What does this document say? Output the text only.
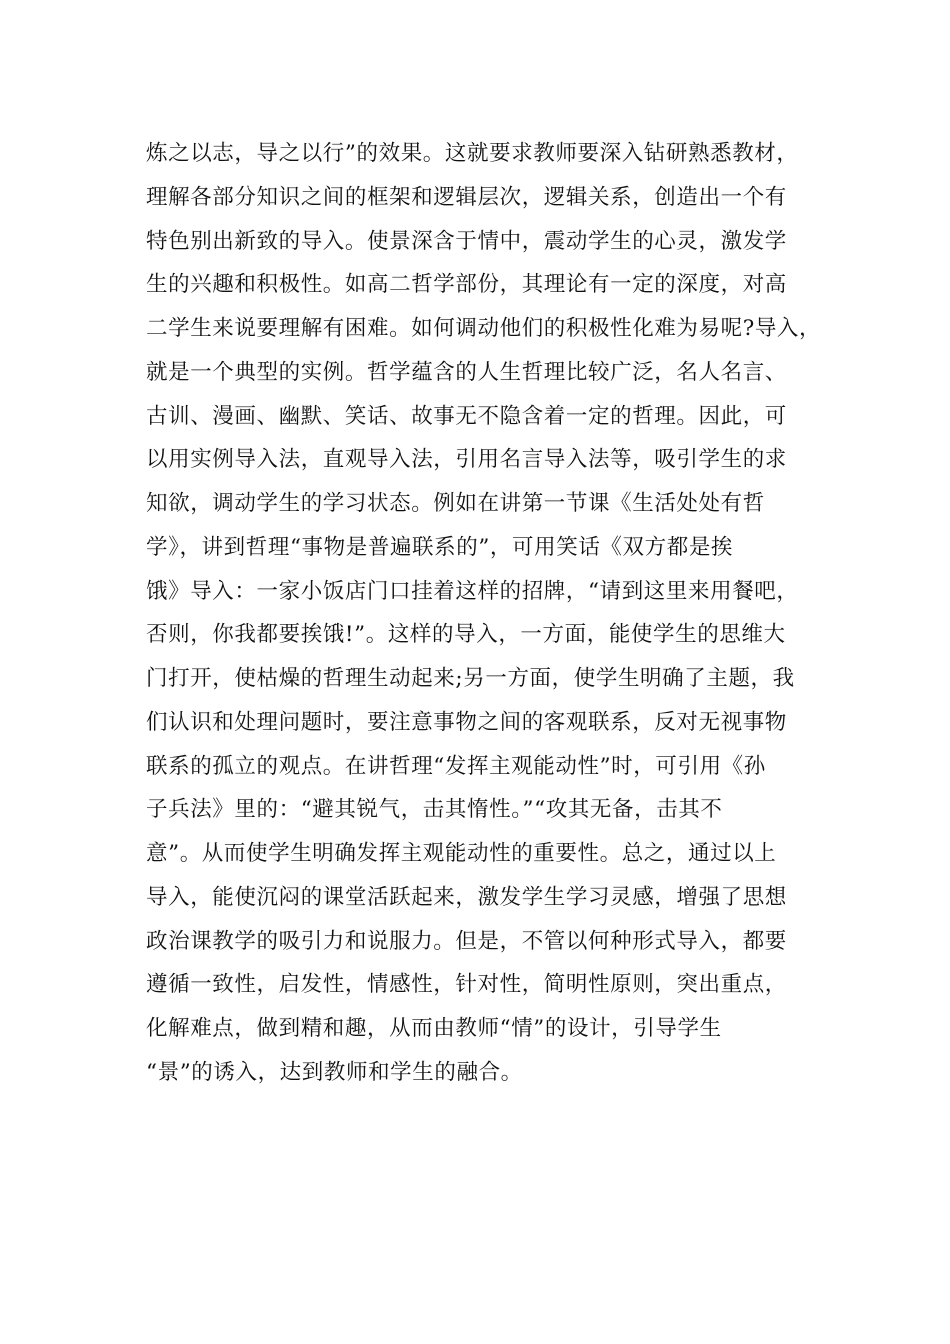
炼之以志，导之以行”的效果。这就要求教师要深入钻研熟悉教材，
理解各部分知识之间的框架和逻辑层次，逻辑关系，创造出一个有
特色别出新致的导入。使景深含于情中，震动学生的心灵，激发学
生的兴趣和积极性。如高二哲学部份，其理论有一定的深度，对高
二学生来说要理解有困难。如何调动他们的积极性化难为易呢?导入，
就是一个典型的实例。哲学蕴含的人生哲理比较广泛，名人名言、
古训、漫画、幽默、笑话、故事无不隐含着一定的哲理。因此，可
以用实例导入法，直观导入法，引用名言导入法等，吸引学生的求
知欲，调动学生的学习状态。例如在讲第一节课《生活处处有哲
学》，讲到哲理“事物是普遍联系的”，可用笑话《双方都是挨
饿》导入：一家小饭店门口挂着这样的招牌，“请到这里来用餐吧，
否则，你我都要挨饿!”。这样的导入，一方面，能使学生的思维大
门打开，使枯燥的哲理生动起来;另一方面，使学生明确了主题，我
们认识和处理问题时，要注意事物之间的客观联系，反对无视事物
联系的孤立的观点。在讲哲理“发挥主观能动性”时，可引用《孙
子兵法》里的：“避其锐气，击其惰性。”“攻其无备，击其不
意”。从而使学生明确发挥主观能动性的重要性。总之，通过以上
导入，能使沉闷的课堂活跃起来，激发学生学习灵感，增强了思想
政治课教学的吸引力和说服力。但是，不管以何种形式导入，都要
遵循一致性，启发性，情感性，针对性，简明性原则，突出重点，
化解难点，做到精和趣，从而由教师“情”的设计，引导学生
“景”的诱入，达到教师和学生的融合。
